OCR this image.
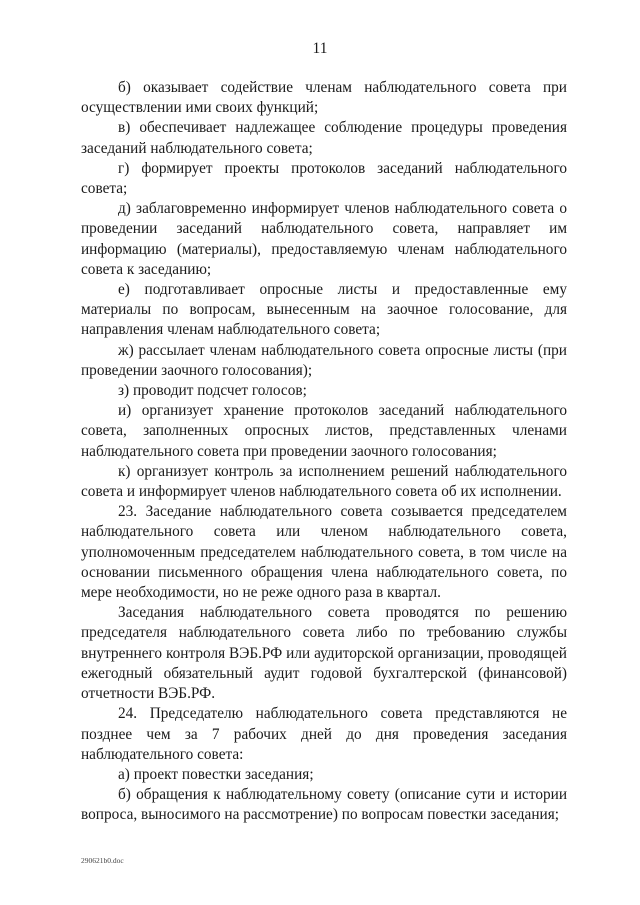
11

б) оказывает содействие членам наблюдательного совета при осуществлении ими своих функций;

в) обеспечивает надлежащее соблюдение процедуры проведения заседаний наблюдательного совета;

г) формирует проекты протоколов заседаний наблюдательного совета;

д) заблаговременно информирует членов наблюдательного совета о проведении заседаний наблюдательного совета, направляет им информацию (материалы), предоставляемую членам наблюдательного совета к заседанию;

е) подготавливает опросные листы и предоставленные ему материалы по вопросам, вынесенным на заочное голосование, для направления членам наблюдательного совета;

ж) рассылает членам наблюдательного совета опросные листы (при проведении заочного голосования);

з) проводит подсчет голосов;

и) организует хранение протоколов заседаний наблюдательного совета, заполненных опросных листов, представленных членами наблюдательного совета при проведении заочного голосования;

к) организует контроль за исполнением решений наблюдательного совета и информирует членов наблюдательного совета об их исполнении.

23. Заседание наблюдательного совета созывается председателем наблюдательного совета или членом наблюдательного совета, уполномоченным председателем наблюдательного совета, в том числе на основании письменного обращения члена наблюдательного совета, по мере необходимости, но не реже одного раза в квартал.

Заседания наблюдательного совета проводятся по решению председателя наблюдательного совета либо по требованию службы внутреннего контроля ВЭБ.РФ или аудиторской организации, проводящей ежегодный обязательный аудит годовой бухгалтерской (финансовой) отчетности ВЭБ.РФ.

24. Председателю наблюдательного совета представляются не позднее чем за 7 рабочих дней до дня проведения заседания наблюдательного совета:

а) проект повестки заседания;

б) обращения к наблюдательному совету (описание сути и истории вопроса, выносимого на рассмотрение) по вопросам повестки заседания;

290621b0.doc
